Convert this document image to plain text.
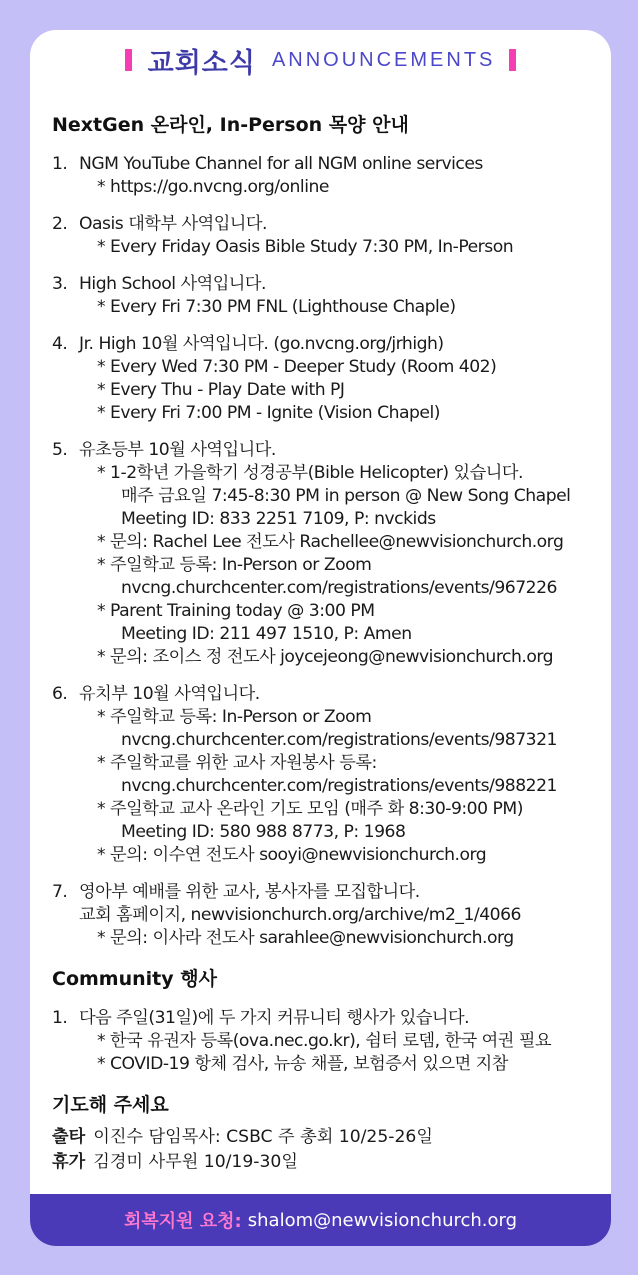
교회소식 ANNOUNCEMENTS
NextGen 온라인, In-Person 목양 안내
1. NGM YouTube Channel for all NGM online services
* https://go.nvcng.org/online
2. Oasis 대학부 사역입니다.
* Every Friday Oasis Bible Study 7:30 PM, In-Person
3. High School 사역입니다.
* Every Fri 7:30 PM FNL (Lighthouse Chaple)
4. Jr. High 10월 사역입니다. (go.nvcng.org/jrhigh)
* Every Wed 7:30 PM - Deeper Study (Room 402)
* Every Thu - Play Date with PJ
* Every Fri 7:00 PM - Ignite (Vision Chapel)
5. 유초등부 10월 사역입니다.
* 1-2학년 가을학기 성경공부(Bible Helicopter) 있습니다.
매주 금요일 7:45-8:30 PM in person @ New Song Chapel
Meeting ID: 833 2251 7109, P: nvckids
* 문의: Rachel Lee 전도사 Rachellee@newvisionchurch.org
* 주일학교 등록: In-Person or Zoom
nvcng.churchcenter.com/registrations/events/967226
* Parent Training today @ 3:00 PM
Meeting ID: 211 497 1510, P: Amen
* 문의: 조이스 정 전도사 joycejeong@newvisionchurch.org
6. 유치부 10월 사역입니다.
* 주일학교 등록: In-Person or Zoom
nvcng.churchcenter.com/registrations/events/987321
* 주일학교를 위한 교사 자원봉사 등록:
nvcng.churchcenter.com/registrations/events/988221
* 주일학교 교사 온라인 기도 모임 (매주 화 8:30-9:00 PM)
Meeting ID: 580 988 8773, P: 1968
* 문의: 이수연 전도사 sooyi@newvisionchurch.org
7. 영아부 예배를 위한 교사, 봉사자를 모집합니다.
교회 홈페이지, newvisionchurch.org/archive/m2_1/4066
* 문의: 이사라 전도사 sarahlee@newvisionchurch.org
Community 행사
1. 다음 주일(31일)에 두 가지 커뮤니티 행사가 있습니다.
* 한국 유권자 등록(ova.nec.go.kr), 쉼터 로뎀, 한국 여권 필요
* COVID-19 항체 검사, 뉴송 채플, 보험증서 있으면 지참
기도해 주세요
출타 이진수 담임목사: CSBC 주 총회 10/25-26일
휴가 김경미 사무원 10/19-30일
회복지원 요청: shalom@newvisionchurch.org
